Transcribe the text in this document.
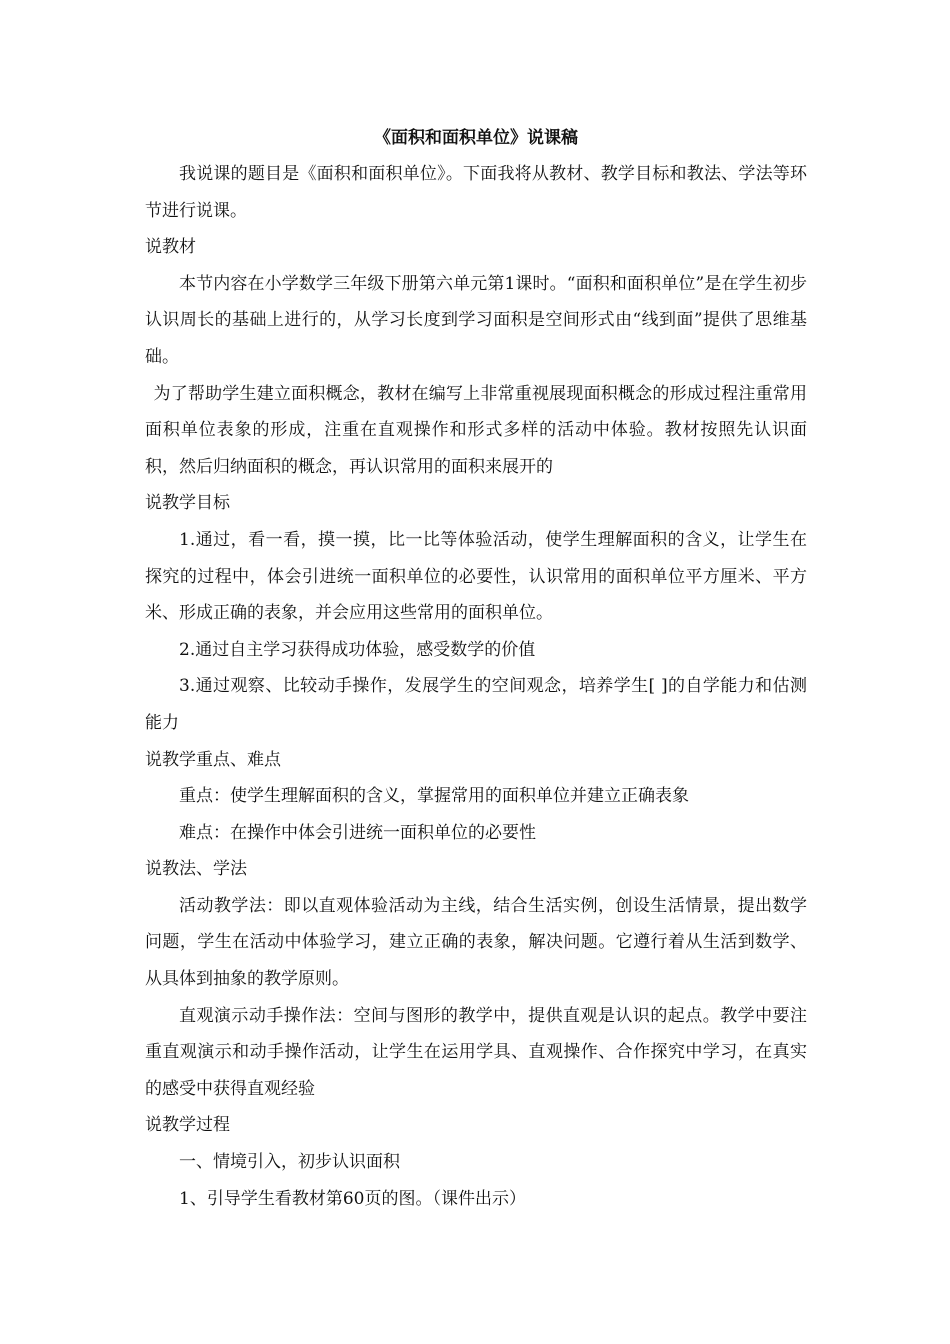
《面积和面积单位》说课稿

我说课的题目是《面积和面积单位》。下面我将从教材、教学目标和教法、学法等环节进行说课。

说教材

本节内容在小学数学三年级下册第六单元第1课时。“面积和面积单位”是在学生初步认识周长的基础上进行的，从学习长度到学习面积是空间形式由“线到面”提供了思维基础。

为了帮助学生建立面积概念，教材在编写上非常重视展现面积概念的形成过程注重常用面积单位表象的形成，注重在直观操作和形式多样的活动中体验。教材按照先认识面积，然后归纳面积的概念，再认识常用的面积来展开的

说教学目标

1.通过，看一看，摸一摸，比一比等体验活动，使学生理解面积的含义，让学生在探究的过程中，体会引进统一面积单位的必要性，认识常用的面积单位平方厘米、平方米、形成正确的表象，并会应用这些常用的面积单位。

2.通过自主学习获得成功体验，感受数学的价值

3.通过观察、比较动手操作，发展学生的空间观念，培养学生[ ]的自学能力和估测能力

说教学重点、难点

重点：使学生理解面积的含义，掌握常用的面积单位并建立正确表象

难点：在操作中体会引进统一面积单位的必要性

说教法、学法

活动教学法：即以直观体验活动为主线，结合生活实例，创设生活情景，提出数学问题，学生在活动中体验学习，建立正确的表象，解决问题。它遵行着从生活到数学、从具体到抽象的教学原则。

直观演示动手操作法：空间与图形的教学中，提供直观是认识的起点。教学中要注重直观演示和动手操作活动，让学生在运用学具、直观操作、合作探究中学习，在真实的感受中获得直观经验

说教学过程

一、情境引入，初步认识面积

1、引导学生看教材第60页的图。（课件出示）
